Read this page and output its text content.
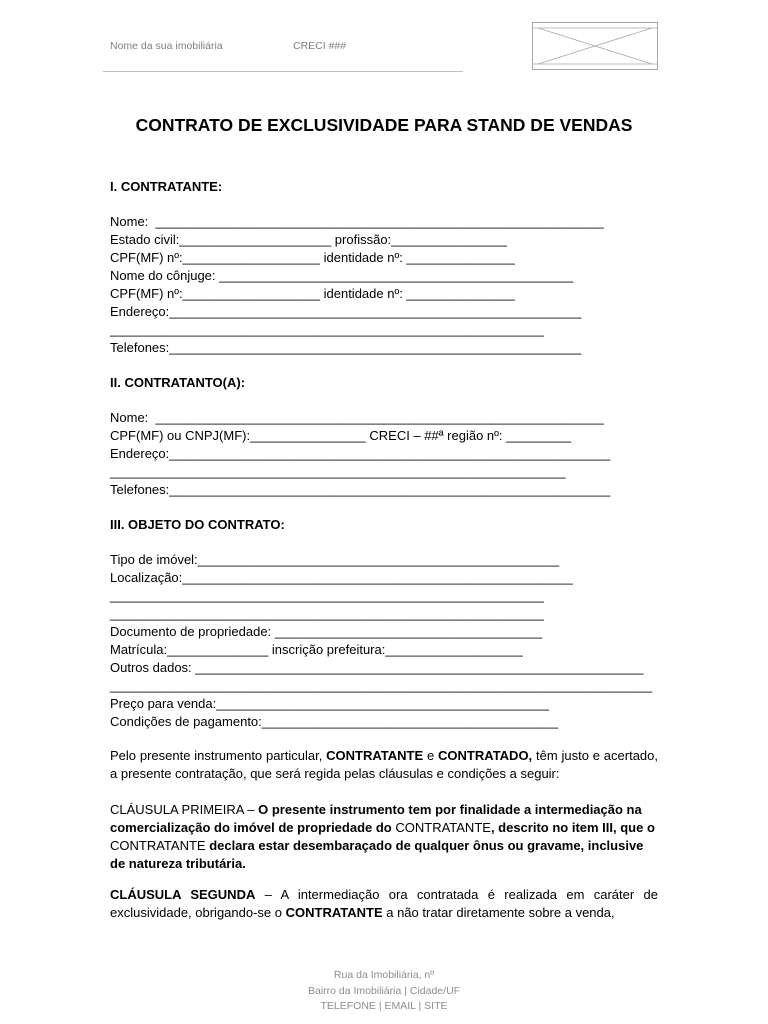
Nome da sua imobiliária	CRECI ###
CONTRATO DE EXCLUSIVIDADE PARA STAND DE VENDAS
I. CONTRATANTE:
Nome:  ______________________________________________________________
Estado civil:_____________________ profissão:________________
CPF(MF) nº:___________________ identidade nº: _______________
Nome do cônjuge: _________________________________________________
CPF(MF) nº:___________________ identidade nº: _______________
Endereço:_________________________________________________________
____________________________________________________________
Telefones:_________________________________________________________
II. CONTRATANTO(A):
Nome:  ______________________________________________________________
CPF(MF) ou CNPJ(MF):________________ CRECI – ##ª região nº: _________
Endereço:_____________________________________________________________
_______________________________________________________________
Telefones:_____________________________________________________________
III. OBJETO DO CONTRATO:
Tipo de imóvel:__________________________________________________
Localização:______________________________________________________
____________________________________________________________
____________________________________________________________
Documento de propriedade: _____________________________________
Matrícula:______________ inscrição prefeitura:___________________
Outros dados: ______________________________________________________________
___________________________________________________________________________
Preço para venda:______________________________________________
Condições de pagamento:_________________________________________
Pelo presente instrumento particular, CONTRATANTE e CONTRATADO, têm justo e acertado, a presente contratação, que será regida pelas cláusulas e condições a seguir:
CLÁUSULA PRIMEIRA – O presente instrumento tem por finalidade a intermediação na comercialização do imóvel de propriedade do CONTRATANTE, descrito no item III, que o CONTRATANTE declara estar desembaraçado de qualquer ônus ou gravame, inclusive de natureza tributária.
CLÁUSULA SEGUNDA – A intermediação ora contratada é realizada em caráter de exclusividade, obrigando-se o CONTRATANTE a não tratar diretamente sobre a venda,
Rua da Imobiliária, nº
Bairro da Imobiliária | Cidade/UF
TELEFONE | EMAIL | SITE
